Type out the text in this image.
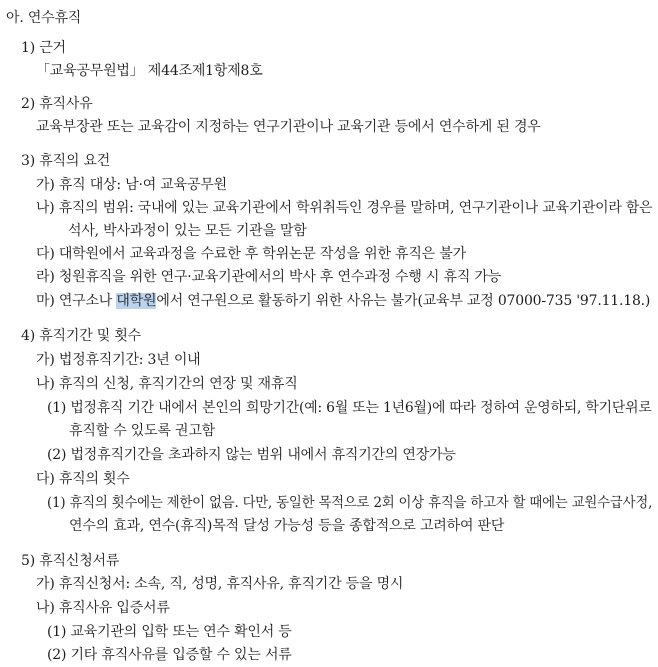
아. 연수휴직
1) 근거
「교육공무원법」 제44조제1항제8호
2) 휴직사유
교육부장관 또는 교육감이 지정하는 연구기관이나 교육기관 등에서 연수하게 된 경우
3) 휴직의 요건
가) 휴직 대상: 남·여 교육공무원
나) 휴직의 범위: 국내에 있는 교육기관에서 학위취득인 경우를 말하며, 연구기관이나 교육기관이라 함은
석사, 박사과정이 있는 모든 기관을 말함
다) 대학원에서 교육과정을 수료한 후 학위논문 작성을 위한 휴직은 불가
라) 청원휴직을 위한 연구·교육기관에서의 박사 후 연수과정 수행 시 휴직 가능
마) 연구소나 대학원에서 연구원으로 활동하기 위한 사유는 불가(교육부 교정 07000-735 '97.11.18.)
4) 휴직기간 및 횟수
가) 법정휴직기간: 3년 이내
나) 휴직의 신청, 휴직기간의 연장 및 재휴직
(1) 법정휴직 기간 내에서 본인의 희망기간(예: 6월 또는 1년6월)에 따라 정하여 운영하되, 학기단위로
휴직할 수 있도록 권고함
(2) 법정휴직기간을 초과하지 않는 범위 내에서 휴직기간의 연장가능
다) 휴직의 횟수
(1) 휴직의 횟수에는 제한이 없음. 다만, 동일한 목적으로 2회 이상 휴직을 하고자 할 때에는 교원수급사정,
연수의 효과, 연수(휴직)목적 달성 가능성 등을 종합적으로 고려하여 판단
5) 휴직신청서류
가) 휴직신청서: 소속, 직, 성명, 휴직사유, 휴직기간 등을 명시
나) 휴직사유 입증서류
(1) 교육기관의 입학 또는 연수 확인서 등
(2) 기타 휴직사유를 입증할 수 있는 서류
